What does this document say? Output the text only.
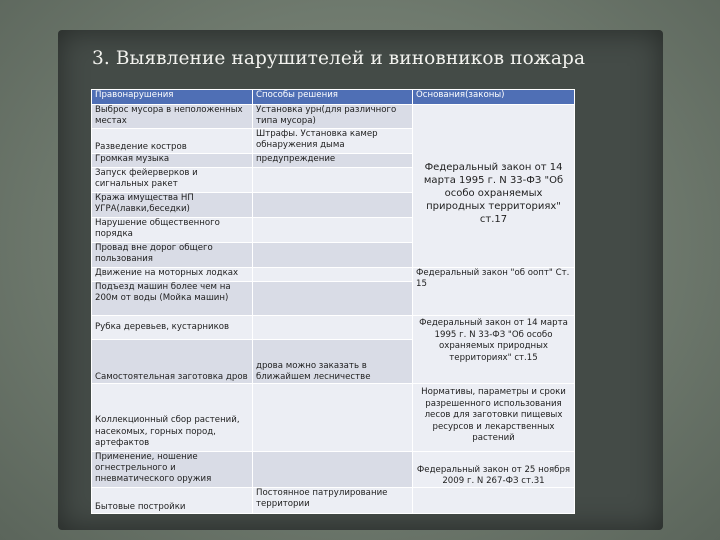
3. Выявление нарушителей и виновников пожара
Правонарушения	Способы решения	Основания(законы)
Выброс мусора в неположенных местах	Установка урн(для различного типа мусора)	Федеральный закон от 14 марта 1995 г. N 33-ФЗ "Об особо охраняемых природных территориях" ст.17

Разведение костров	Штрафы. Установка камер обнаружения дыма	
Громкая музыка	предупреждение	
Запуск фейерверков и сигнальных ракет		
Кража имущества НП УГРА(лавки,беседки)		
Нарушение общественного порядка		
Провад вне дорог общего пользования		
Движение на моторных лодках		Федеральный закон "об оопт" Ст. 15

Подъезд машин более чем на 200м от воды (Мойка машин)		
Рубка деревьев, кустарников		Федеральный закон от 14 марта 1995 г. N 33-ФЗ "Об особо охраняемых природных территориях" ст.15

Самостоятельная заготовка дров	дрова можно заказать в ближайшем лесничестве	
Коллекционный сбор растений, насекомых, горных пород, артефактов		Нормативы, параметры и сроки разрешенного использования лесов для заготовки пищевых ресурсов и лекарственных растений

Применение, ношение огнестрельного и пневматического оружия		Федеральный закон от 25 ноября 2009 г. N 267-ФЗ ст.31

Бытовые постройки	Постоянное патрулирование территории	
